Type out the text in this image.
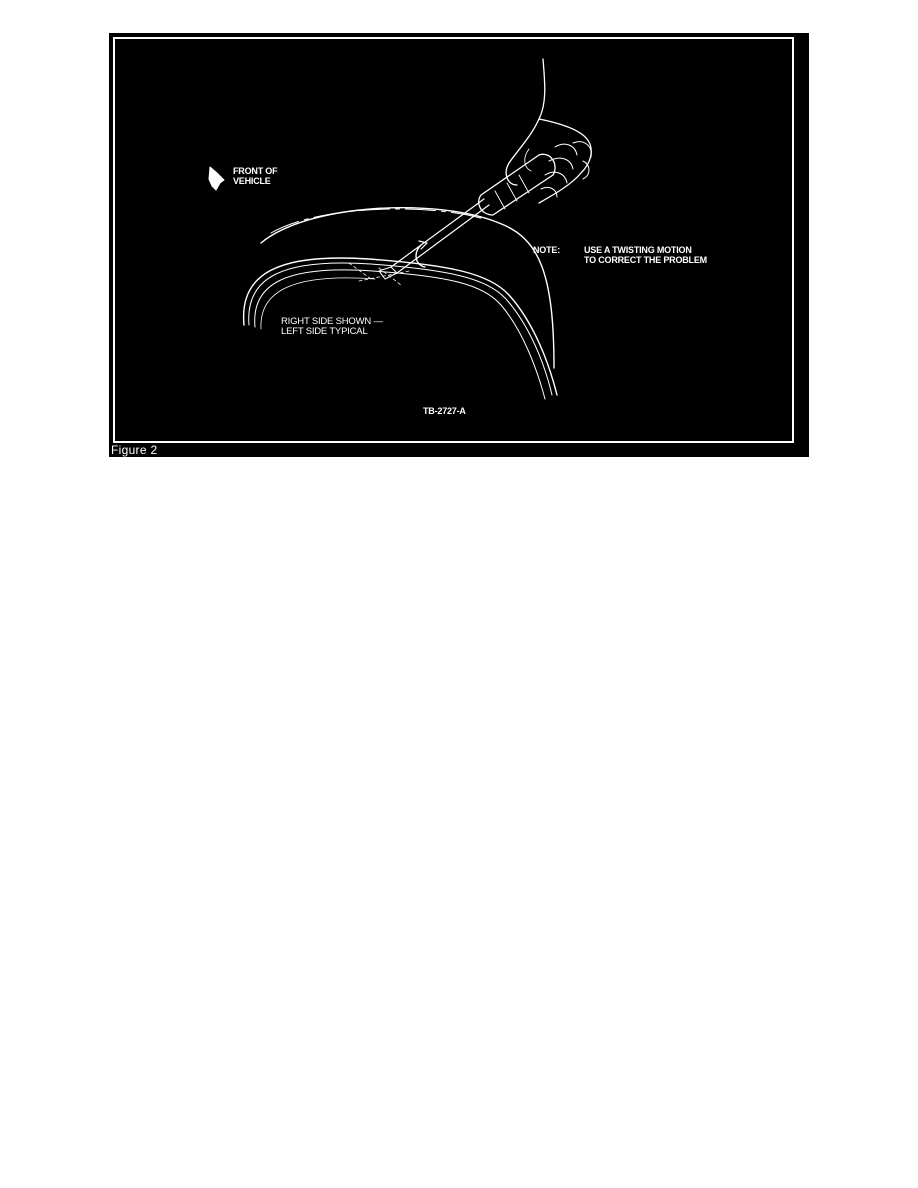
FRONT OF
VEHICLE
NOTE:	USE A TWISTING MOTION
TO CORRECT THE PROBLEM
RIGHT SIDE SHOWN —
LEFT SIDE TYPICAL
TB-2727-A
Figure 2
